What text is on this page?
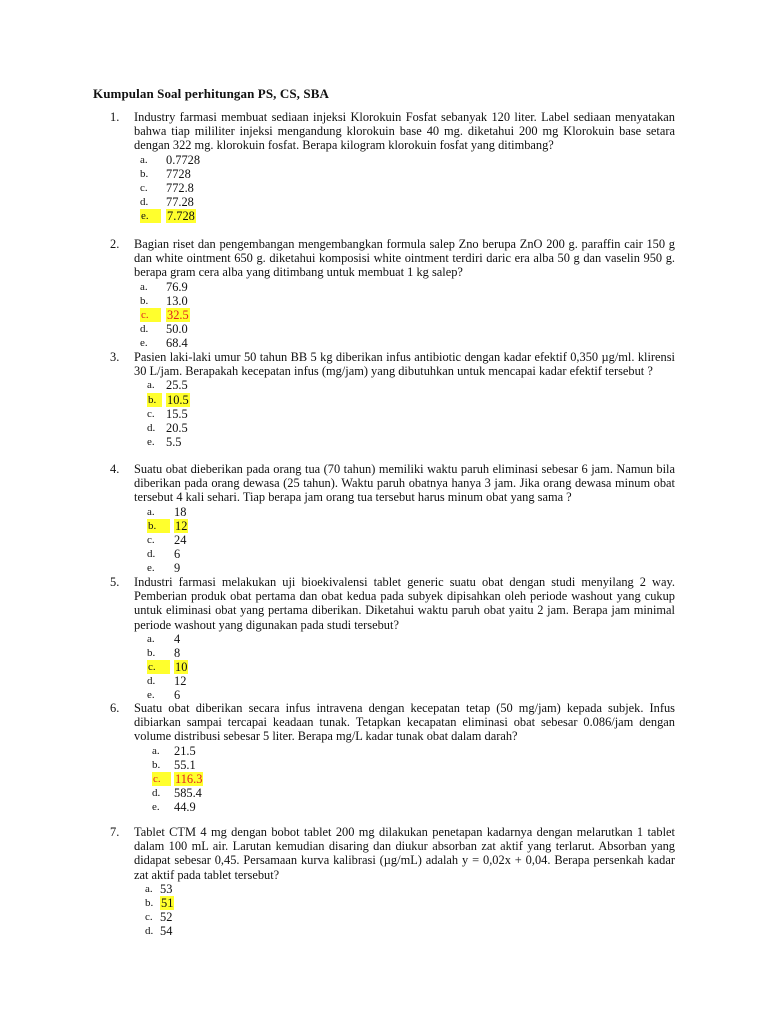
Kumpulan Soal perhitungan PS, CS, SBA
1. Industry farmasi membuat sediaan injeksi Klorokuin Fosfat sebanyak 120 liter. Label sediaan menyatakan bahwa tiap mililiter injeksi mengandung klorokuin base 40 mg. diketahui 200 mg Klorokuin base setara dengan 322 mg. klorokuin fosfat. Berapa kilogram klorokuin fosfat yang ditimbang?
a. 0.7728
b. 7728
c. 772.8
d. 77.28
e.	7.728
2. Bagian riset dan pengembangan mengembangkan formula salep Zno berupa ZnO 200 g. paraffin cair 150 g dan white ointment 650 g. diketahui komposisi white ointment terdiri daric era alba 50 g dan vaselin 950 g. berapa gram cera alba yang ditimbang untuk membuat 1 kg salep?
a. 76.9
b. 13.0
c.	32.5
d. 50.0
e. 68.4
3. Pasien laki-laki umur 50 tahun BB 5 kg diberikan infus antibiotic dengan kadar efektif 0,350 µg/ml. klirensi 30 L/jam. Berapakah kecepatan infus (mg/jam) yang dibutuhkan untuk mencapai kadar efektif tersebut ?
a. 25.5
b. 10.5
c. 15.5
d. 20.5
e. 5.5
4. Suatu obat dieberikan pada orang tua (70 tahun) memiliki waktu paruh eliminasi sebesar 6 jam. Namun bila diberikan pada orang dewasa (25 tahun). Waktu paruh obatnya hanya 3 jam. Jika orang dewasa minum obat tersebut 4 kali sehari. Tiap berapa jam orang tua tersebut harus minum obat yang sama ?
a. 18
b.	12
c. 24
d. 6
e. 9
5. Industri farmasi melakukan uji bioekivalensi tablet generic suatu obat dengan studi menyilang 2 way. Pemberian produk obat pertama dan obat kedua pada subyek dipisahkan oleh periode washout yang cukup untuk eliminasi obat yang pertama diberikan. Diketahui waktu paruh obat yaitu 2 jam. Berapa jam minimal periode washout yang digunakan pada studi tersebut?
a. 4
b. 8
c.	10
d. 12
e. 6
6. Suatu obat diberikan secara infus intravena dengan kecepatan tetap (50 mg/jam) kepada subjek. Infus dibiarkan sampai tercapai keadaan tunak. Tetapkan kecapatan eliminasi obat sebesar 0.086/jam dengan volume distribusi sebesar 5 liter. Berapa mg/L kadar tunak obat dalam darah?
a. 21.5
b. 55.1
c.	116.3
d. 585.4
e. 44.9
7. Tablet CTM 4 mg dengan bobot tablet 200 mg dilakukan penetapan kadarnya dengan melarutkan 1 tablet dalam 100 mL air. Larutan kemudian disaring dan diukur absorban zat aktif yang terlarut. Absorban yang didapat sebesar 0,45. Persamaan kurva kalibrasi (µg/mL) adalah y = 0,02x + 0,04. Berapa persenkah kadar zat aktif pada tablet tersebut?
a. 53
b. 51
c. 52
d. 54
